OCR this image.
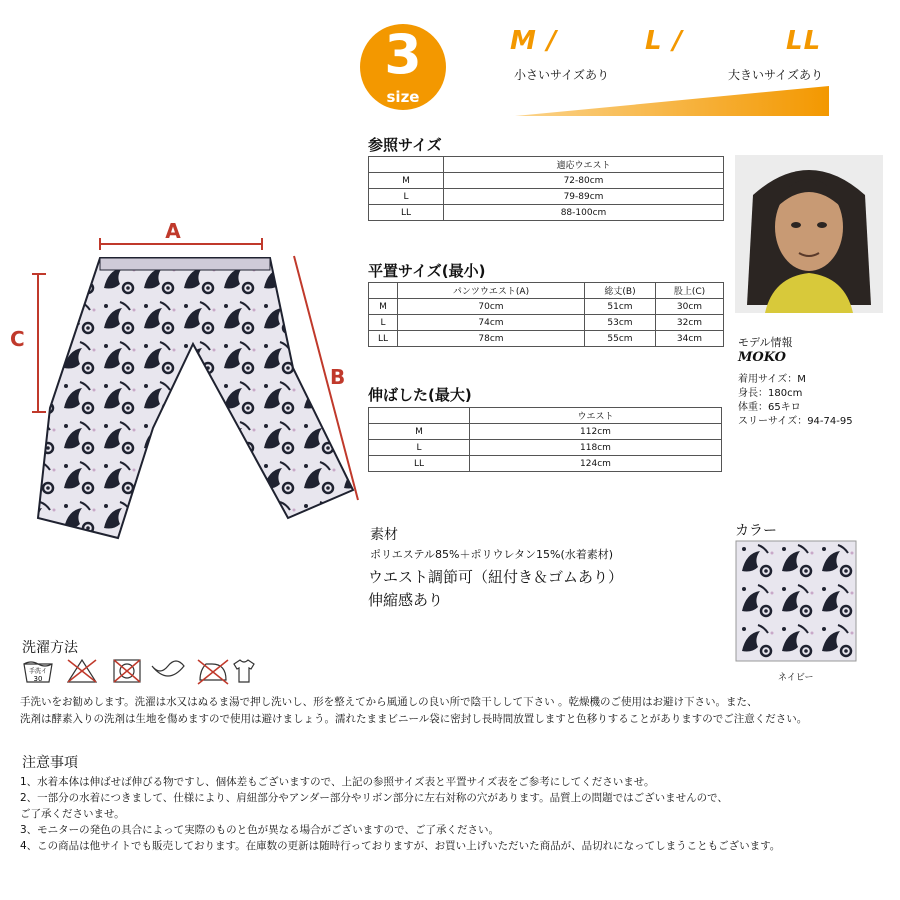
3
size
M /	L /	LL
小さいサイズあり	大きいサイズあり
参照サイズ
	適応ウエスト
M	72-80cm
L	79-89cm
LL	88-100cm
平置サイズ(最小)
	パンツウエスト(A)	総丈(B)	股上(C)
M	70cm	51cm	30cm
L	74cm	53cm	32cm
LL	78cm	55cm	34cm
伸ばした(最大)
	ウエスト
M	112cm
L	118cm
LL	124cm
A
C
B
モデル情報
MOKO
着用サイズ：M
身長：180cm
体重：65キロ
スリーサイズ：94-74-95
素材
ポリエステル85%＋ポリウレタン15%(水着素材)
ウエスト調節可（紐付き＆ゴムあり）
伸縮感あり
カラー
ネイビー
洗濯方法
手洗イ
30
手洗いをお勧めします。洗濯は水又はぬるま湯で押し洗いし、形を整えてから風通しの良い所で陰干しして下さい 。乾燥機のご使用はお避け下さい。また、
洗剤は酵素入りの洗剤は生地を傷めますので使用は避けましょう。濡れたままビニール袋に密封し長時間放置しますと色移りすることがありますのでご注意ください。
注意事項
1、水着本体は伸ばせば伸びる物ですし、個体差もございますので、上記の参照サイズ表と平置サイズ表をご参考にしてくださいませ。
2、一部分の水着につきまして、仕様により、肩紐部分やアンダー部分やリボン部分に左右対称の穴があります。品質上の問題ではございませんので、
ご了承くださいませ。
3、モニターの発色の具合によって実際のものと色が異なる場合がございますので、ご了承ください。
4、この商品は他サイトでも販売しております。在庫数の更新は随時行っておりますが、お買い上げいただいた商品が、品切れになってしまうこともございます。
